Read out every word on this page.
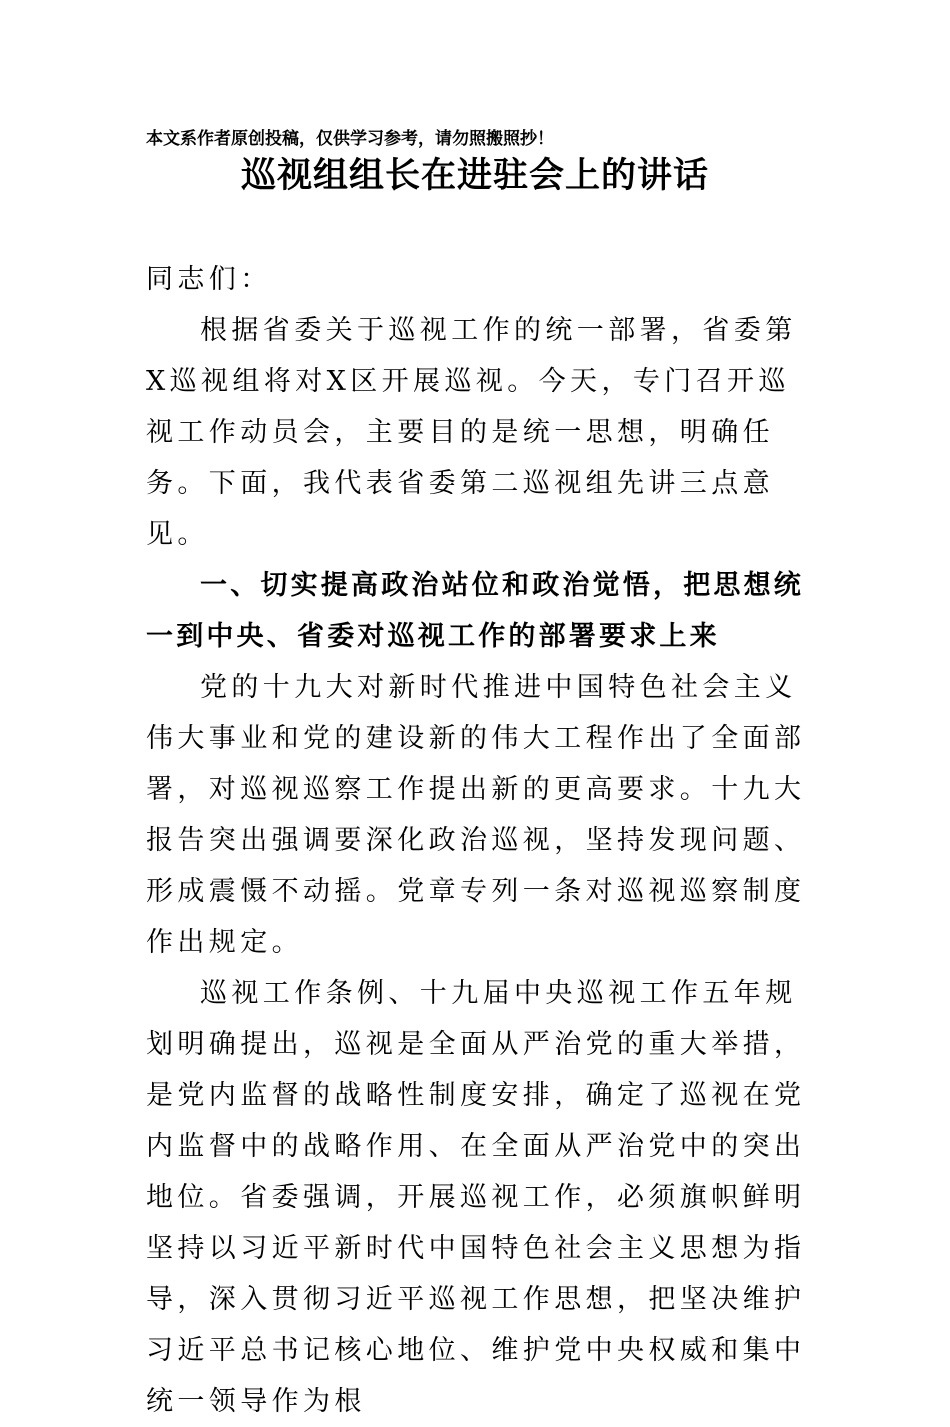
本文系作者原创投稿，仅供学习参考，请勿照搬照抄！
巡视组组长在进驻会上的讲话

同志们：

根据省委关于巡视工作的统一部署，省委第X巡视组将对X区开展巡视。今天，专门召开巡视工作动员会，主要目的是统一思想，明确任务。下面，我代表省委第二巡视组先讲三点意见。

一、切实提高政治站位和政治觉悟，把思想统一到中央、省委对巡视工作的部署要求上来

党的十九大对新时代推进中国特色社会主义伟大事业和党的建设新的伟大工程作出了全面部署，对巡视巡察工作提出新的更高要求。十九大报告突出强调要深化政治巡视，坚持发现问题、形成震慑不动摇。党章专列一条对巡视巡察制度作出规定。

巡视工作条例、十九届中央巡视工作五年规划明确提出，巡视是全面从严治党的重大举措，是党内监督的战略性制度安排，确定了巡视在党内监督中的战略作用、在全面从严治党中的突出地位。省委强调，开展巡视工作，必须旗帜鲜明坚持以习近平新时代中国特色社会主义思想为指导，深入贯彻习近平巡视工作思想，把坚决维护习近平总书记核心地位、维护党中央权威和集中统一领导作为根
